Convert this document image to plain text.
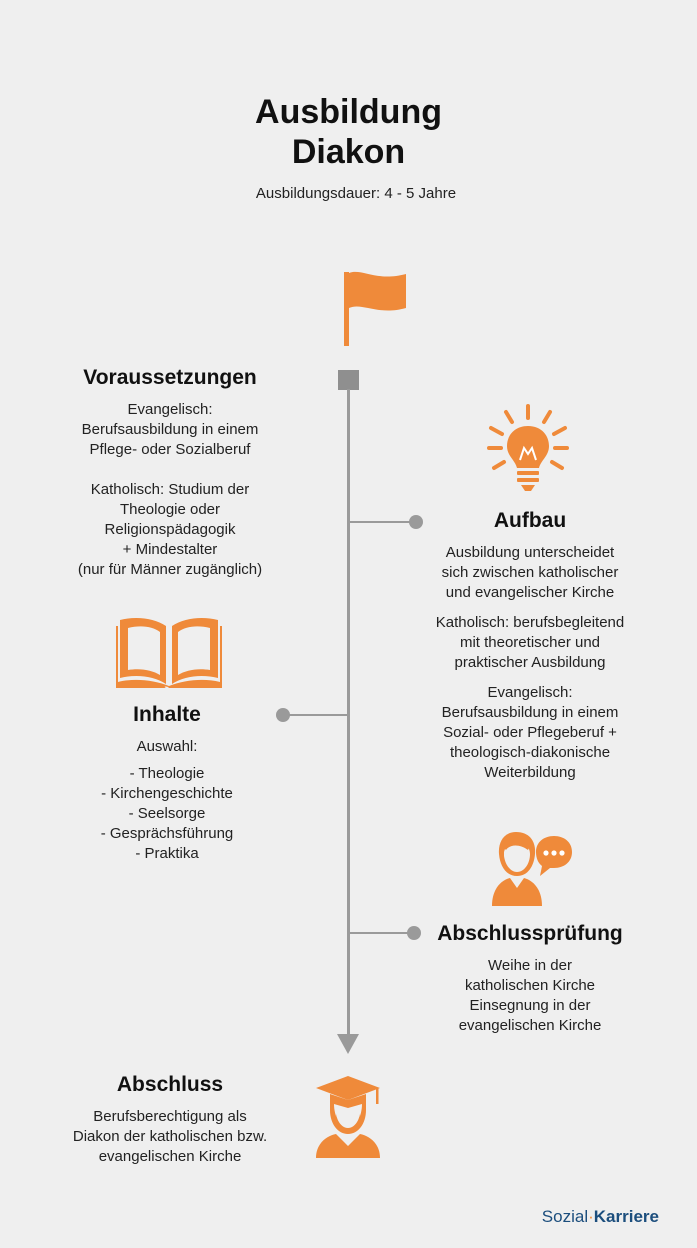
Ausbildung
Diakon
Ausbildungsdauer: 4 - 5 Jahre
Voraussetzungen
Evangelisch:
Berufsausbildung in einem
Pflege- oder Sozialberuf
Katholisch: Studium der
Theologie oder
Religionspädagogik
+ Mindestalter
(nur für Männer zugänglich)
Aufbau
Ausbildung unterscheidet
sich zwischen katholischer
und evangelischer Kirche
Katholisch: berufsbegleitend
mit theoretischer und
praktischer Ausbildung
Evangelisch:
Berufsausbildung in einem
Sozial- oder Pflegeberuf +
theologisch-diakonische
Weiterbildung
Inhalte
Auswahl:
- Theologie
- Kirchengeschichte
- Seelsorge
- Gesprächsführung
- Praktika
Abschlussprüfung
Weihe in der
katholischen Kirche
Einsegnung in der
evangelischen Kirche
Abschluss
Berufsberechtigung als
Diakon der katholischen bzw.
evangelischen Kirche
Sozial·Karriere
